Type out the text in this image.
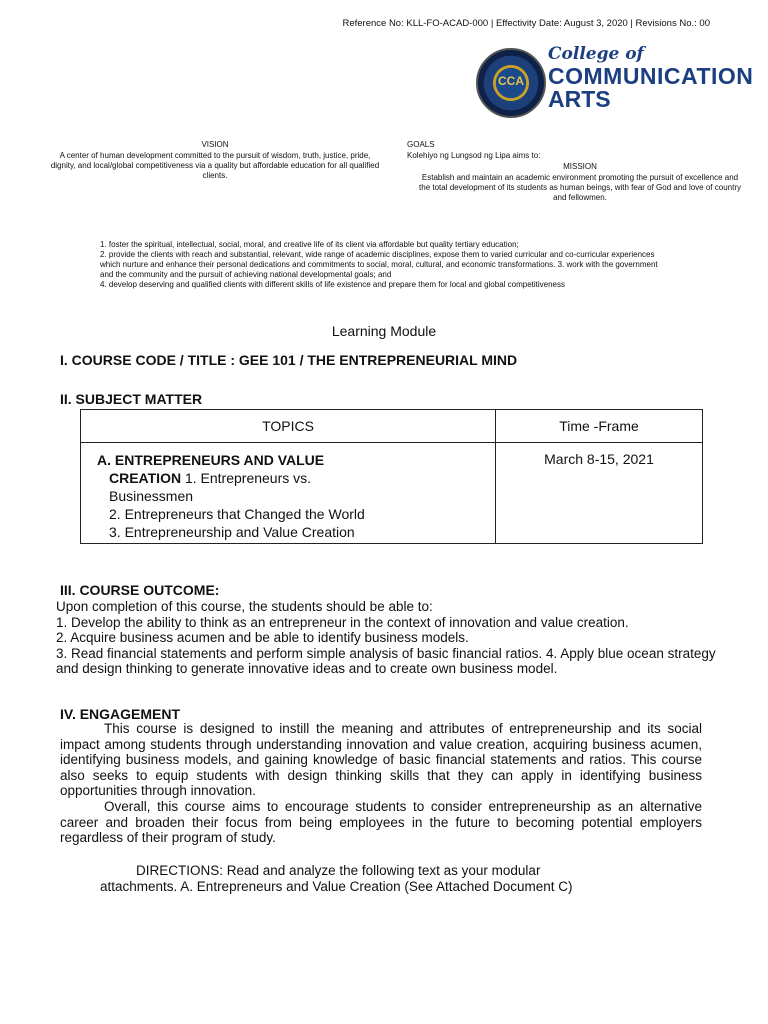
Reference No: KLL-FO-ACAD-000 | Effectivity Date: August 3, 2020 | Revisions No.: 00
CCA
College of
COMMUNICATION
ARTS
VISION
A center of human development committed to the pursuit of wisdom, truth, justice, pride, dignity, and local/global competitiveness via a quality but affordable education for all qualified clients.
GOALS
Kolehiyo ng Lungsod ng Lipa aims to:
MISSION
Establish and maintain an academic environment promoting the pursuit of excellence and the total development of its students as human beings, with fear of God and love of country and fellowmen.
1. foster the spiritual, intellectual, social, moral, and creative life of its client via affordable but quality tertiary education;
2. provide the clients with reach and substantial, relevant, wide range of academic disciplines, expose them to varied curricular and co-curricular experiences which nurture and enhance their personal dedications and commitments to social, moral, cultural, and economic transformations. 3. work with the government and the community and the pursuit of achieving national developmental goals; and
4. develop deserving and qualified clients with different skills of life existence and prepare them for local and global competitiveness
Learning Module
I. COURSE CODE / TITLE : GEE 101 / THE ENTREPRENEURIAL MIND
II. SUBJECT MATTER
TOPICS	Time -Frame

A. ENTREPRENEURS AND VALUE
CREATION 1. Entrepreneurs vs.
Businessmen
2. Entrepreneurs that Changed the World
3. Entrepreneurship and Value Creation	March 8-15, 2021
III. COURSE OUTCOME:
Upon completion of this course, the students should be able to:
1. Develop the ability to think as an entrepreneur in the context of innovation and value creation.
2. Acquire business acumen and be able to identify business models.
3. Read financial statements and perform simple analysis of basic financial ratios. 4. Apply blue ocean strategy and design thinking to generate innovative ideas and to create own business model.
IV. ENGAGEMENT

This course is designed to instill the meaning and attributes of entrepreneurship and its social impact among students through understanding innovation and value creation, acquiring business acumen, identifying business models, and gaining knowledge of basic financial statements and ratios. This course also seeks to equip students with design thinking skills that they can apply in identifying business opportunities through innovation.

Overall, this course aims to encourage students to consider entrepreneurship as an alternative career and broaden their focus from being employees in the future to becoming potential employers regardless of their program of study.

DIRECTIONS: Read and analyze the following text as your modular
attachments. A. Entrepreneurs and Value Creation (See Attached Document C)
